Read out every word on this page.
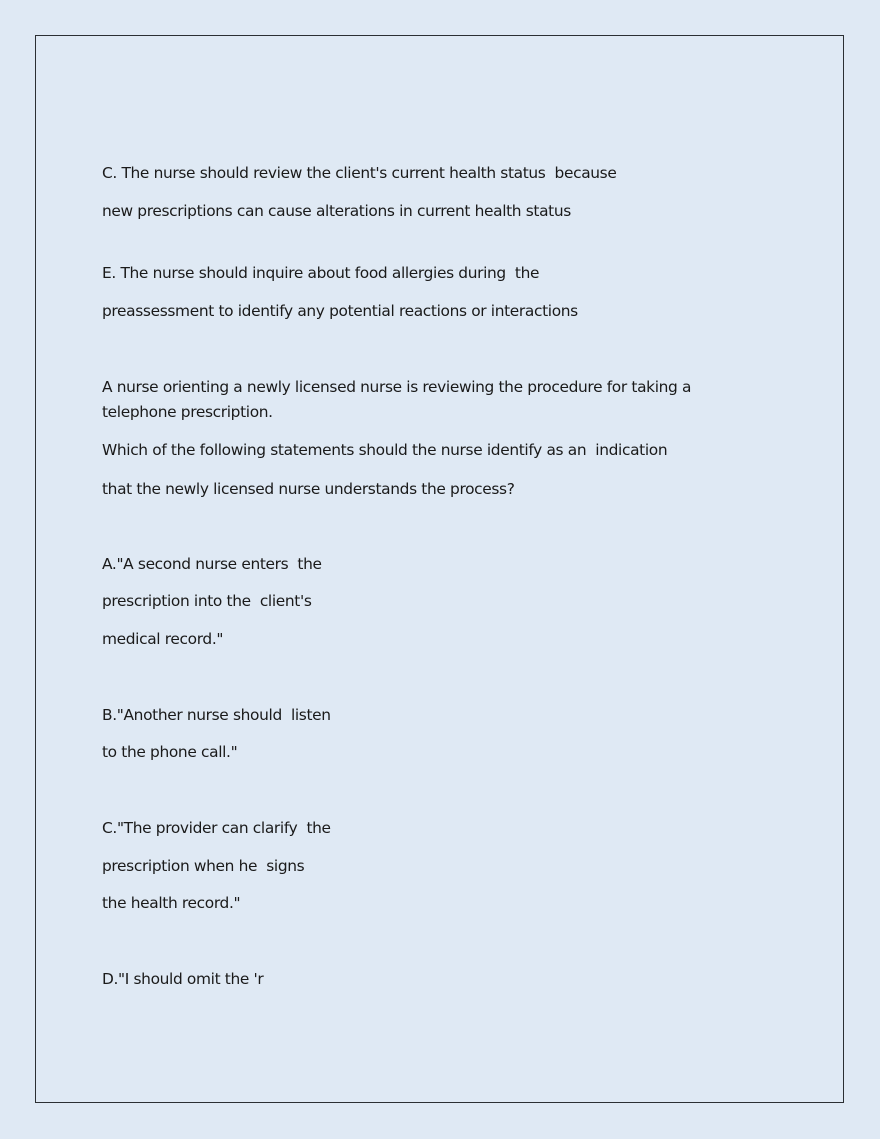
C. The nurse should review the client's current health status  because
new prescriptions can cause alterations in current health status
E. The nurse should inquire about food allergies during  the
preassessment to identify any potential reactions or interactions
A nurse orienting a newly licensed nurse is reviewing the procedure for taking a
telephone prescription.
Which of the following statements should the nurse identify as an  indication
that the newly licensed nurse understands the process?
A."A second nurse enters  the
prescription into the  client's
medical record."
B."Another nurse should  listen
to the phone call."
C."The provider can clarify  the
prescription when he  signs
the health record."
D."I should omit the 'r
